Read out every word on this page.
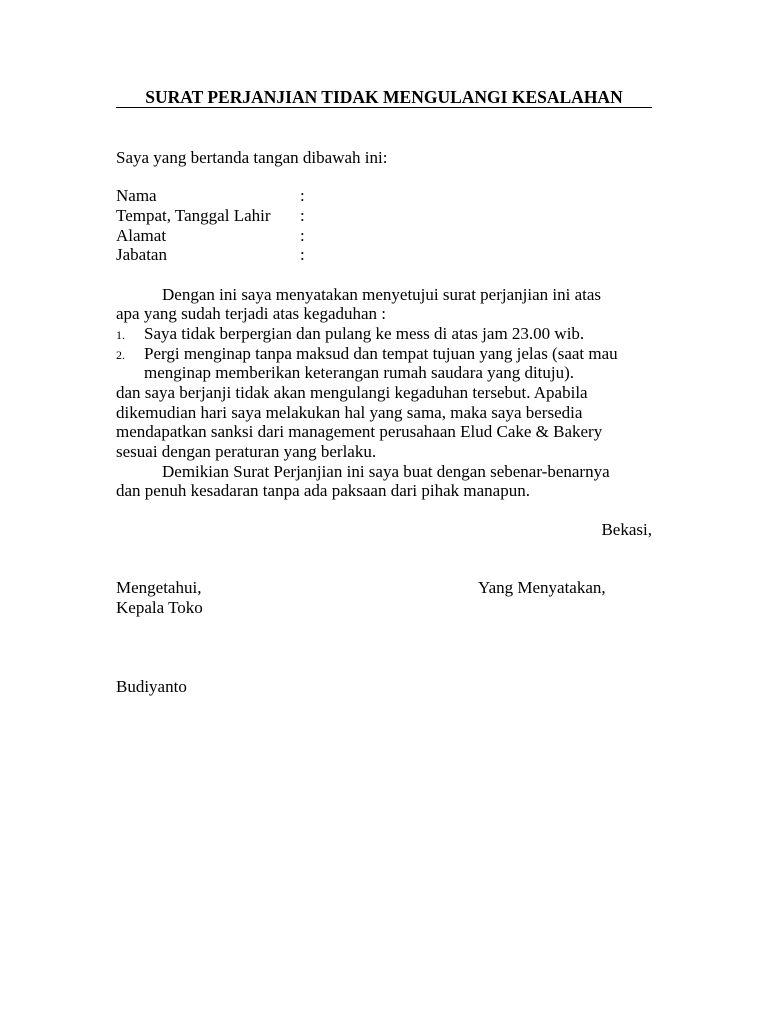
SURAT PERJANJIAN TIDAK MENGULANGI KESALAHAN
Saya yang bertanda tangan dibawah ini:
Nama	:
Tempat, Tanggal Lahir :
Alamat	:
Jabatan	:
Dengan ini saya menyatakan menyetujui surat perjanjian ini atas
apa yang sudah terjadi atas kegaduhan :
1. Saya tidak berpergian dan pulang ke mess di atas jam 23.00 wib.
2. Pergi menginap tanpa maksud dan tempat tujuan yang jelas (saat mau
menginap memberikan keterangan rumah saudara yang dituju).
dan saya berjanji tidak akan mengulangi kegaduhan tersebut. Apabila
dikemudian hari saya melakukan hal yang sama, maka saya bersedia
mendapatkan sanksi dari management perusahaan Elud Cake & Bakery
sesuai dengan peraturan yang berlaku.
Demikian Surat Perjanjian ini saya buat dengan sebenar-benarnya
dan penuh kesadaran tanpa ada paksaan dari pihak manapun.
Bekasi,
Mengetahui,	Yang Menyatakan,
Kepala Toko
Budiyanto
